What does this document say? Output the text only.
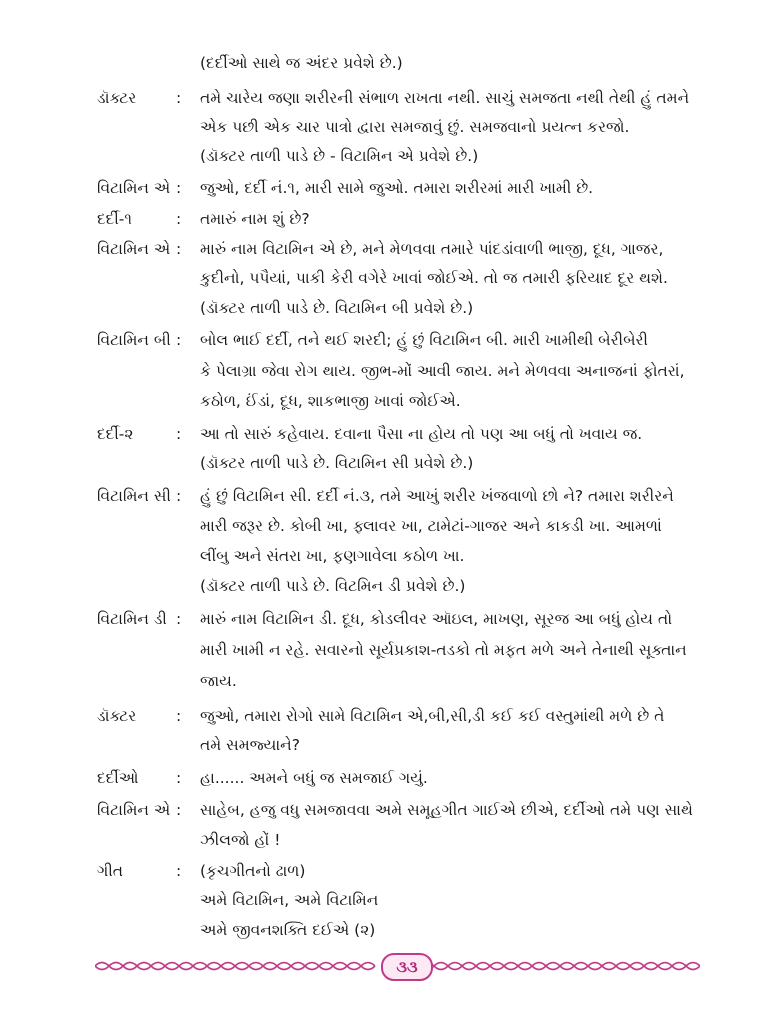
(દર્દીઓ સાથે જ અંદર પ્રવેશે છે.)
ડૉક્ટર	: તમે ચારેય જણા શરીરની સંભાળ રાખતા નથી. સાચું સમજતા નથી તેથી હું તમને
એક પછી એક ચાર પાત્રો દ્વારા સમજાવું છું. સમજવાનો પ્રયત્ન કરજો.
(ડૉક્ટર તાળી પાડે છે - વિટામિન એ પ્રવેશે છે.)
વિટામિન એ : જુઓ, દર્દી નં.૧, મારી સામે જુઓ. તમારા શરીરમાં મારી ખામી છે.
દર્દી-૧	: તમારું નામ શું છે?
વિટામિન એ : મારું નામ વિટામિન એ છે, મને મેળવવા તમારે પાંદડાંવાળી ભાજી, દૂધ, ગાજર,
કુદીનો, પપૈયાં, પાકી કેરી વગેરે ખાવાં જોઈએ. તો જ તમારી ફરિયાદ દૂર થશે.
(ડૉક્ટર તાળી પાડે છે. વિટામિન બી પ્રવેશે છે.)
વિટામિન બી : બોલ ભાઈ દર્દી, તને થઈ શરદી; હું છું વિટામિન બી. મારી ખામીથી બેરીબેરી
કે પેલાગ્રા જેવા રોગ થાય. જીભ-મોં આવી જાય. મને મેળવવા અનાજનાં ફોતરાં,
કઠોળ, ઈંડાં, દૂધ, શાકભાજી ખાવાં જોઈએ.
દર્દી-૨	: આ તો સારું કહેવાય. દવાના પૈસા ના હોય તો પણ આ બધું તો ખવાય જ.
(ડૉક્ટર તાળી પાડે છે. વિટામિન સી પ્રવેશે છે.)
વિટામિન સી : હું છું વિટામિન સી. દર્દી નં.૩, તમે આખું શરીર ખંજવાળો છો ને? તમારા શરીરને
મારી જરૂર છે. કોબી ખા, ફ્લાવર ખા, ટામેટાં-ગાજર અને કાકડી ખા. આમળાં
લીંબુ અને સંતરા ખા, ફણગાવેલા કઠોળ ખા.
(ડૉક્ટર તાળી પાડે છે. વિટમિન ડી પ્રવેશે છે.)
વિટામિન ડી : મારું નામ વિટામિન ડી. દૂધ, કોડલીવર ઑઇલ, માખણ, સૂરજ આ બધું હોય તો
મારી ખામી ન રહે. સવારનો સૂર્યપ્રકાશ-તડકો તો મફત મળે અને તેનાથી સૂક્તાન
જાય.
ડૉક્ટર	: જુઓ, તમારા રોગો સામે વિટામિન એ,બી,સી,ડી કઈ કઈ વસ્તુમાંથી મળે છે તે
તમે સમજ્યાને?
દર્દીઓ	: હા...... અમને બધું જ સમજાઈ ગયું.
વિટામિન એ : સાહેબ, હજુ વધુ સમજાવવા અમે સમૂહગીત ગાઈએ છીએ, દર્દીઓ તમે પણ સાથે
ઝીલજો હોં !
ગીત	: (કૃચગીતનો ઢાળ)
અમે વિટામિન, અમે વિટામિન
અમે જીવનશક્તિ દઈએ (૨)
૩૩
